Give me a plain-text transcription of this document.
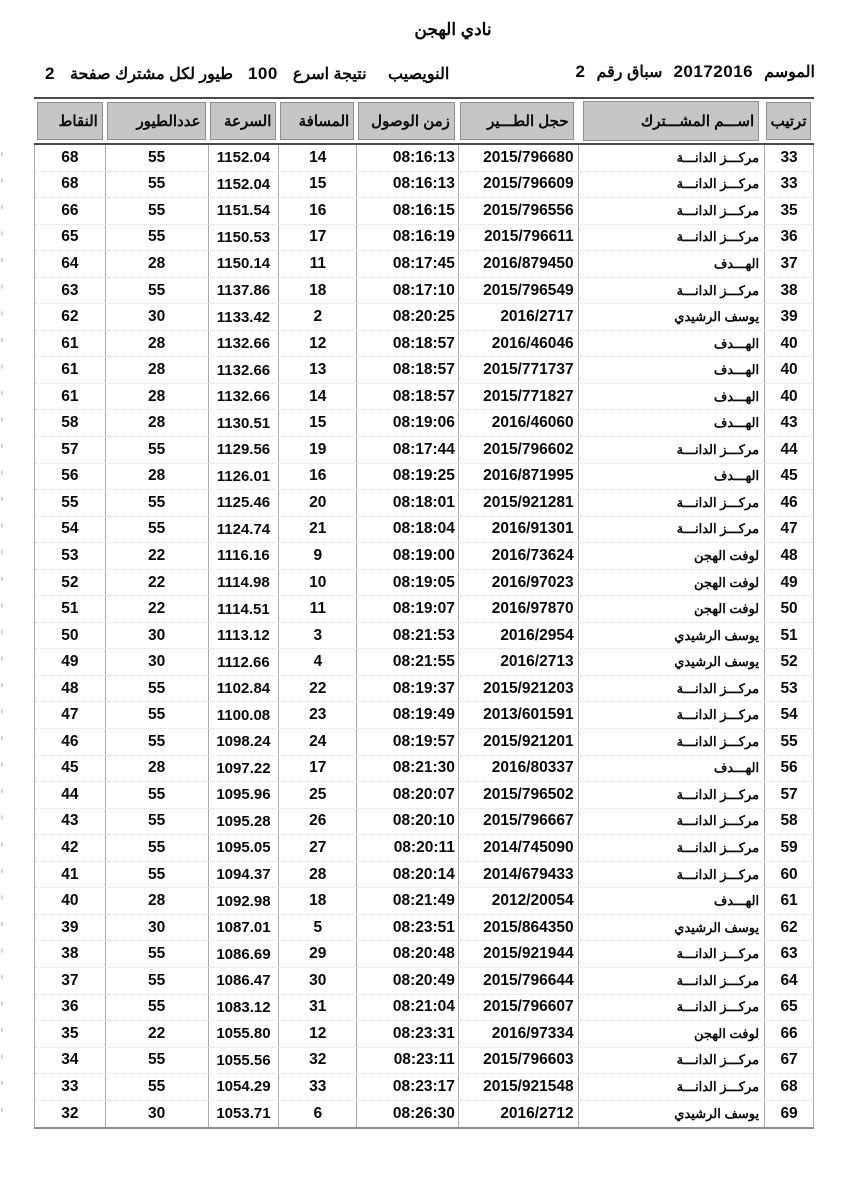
نادي الهجن
الموسم
20172016
سباق رقم
2
النويصيب
نتيجة اسرع
100
طيور لكل مشترك صفحة
2
ترتيب
اســـم المشـــترك
حجل الطـــير
زمن الوصول
المسافة
السرعة
عددالطيور
النقاط
33
مركـــز الدانـــة
2015/796680
08:16:13
14
1152.04
55
68
33
مركـــز الدانـــة
2015/796609
08:16:13
15
1152.04
55
68
35
مركـــز الدانـــة
2015/796556
08:16:15
16
1151.54
55
66
36
مركـــز الدانـــة
2015/796611
08:16:19
17
1150.53
55
65
37
الهـــدف
2016/879450
08:17:45
11
1150.14
28
64
38
مركـــز الدانـــة
2015/796549
08:17:10
18
1137.86
55
63
39
يوسف الرشيدي
2016/2717
08:20:25
2
1133.42
30
62
40
الهـــدف
2016/46046
08:18:57
12
1132.66
28
61
40
الهـــدف
2015/771737
08:18:57
13
1132.66
28
61
40
الهـــدف
2015/771827
08:18:57
14
1132.66
28
61
43
الهـــدف
2016/46060
08:19:06
15
1130.51
28
58
44
مركـــز الدانـــة
2015/796602
08:17:44
19
1129.56
55
57
45
الهـــدف
2016/871995
08:19:25
16
1126.01
28
56
46
مركـــز الدانـــة
2015/921281
08:18:01
20
1125.46
55
55
47
مركـــز الدانـــة
2016/91301
08:18:04
21
1124.74
55
54
48
لوفت الهجن
2016/73624
08:19:00
9
1116.16
22
53
49
لوفت الهجن
2016/97023
08:19:05
10
1114.98
22
52
50
لوفت الهجن
2016/97870
08:19:07
11
1114.51
22
51
51
يوسف الرشيدي
2016/2954
08:21:53
3
1113.12
30
50
52
يوسف الرشيدي
2016/2713
08:21:55
4
1112.66
30
49
53
مركـــز الدانـــة
2015/921203
08:19:37
22
1102.84
55
48
54
مركـــز الدانـــة
2013/601591
08:19:49
23
1100.08
55
47
55
مركـــز الدانـــة
2015/921201
08:19:57
24
1098.24
55
46
56
الهـــدف
2016/80337
08:21:30
17
1097.22
28
45
57
مركـــز الدانـــة
2015/796502
08:20:07
25
1095.96
55
44
58
مركـــز الدانـــة
2015/796667
08:20:10
26
1095.28
55
43
59
مركـــز الدانـــة
2014/745090
08:20:11
27
1095.05
55
42
60
مركـــز الدانـــة
2014/679433
08:20:14
28
1094.37
55
41
61
الهـــدف
2012/20054
08:21:49
18
1092.98
28
40
62
يوسف الرشيدي
2015/864350
08:23:51
5
1087.01
30
39
63
مركـــز الدانـــة
2015/921944
08:20:48
29
1086.69
55
38
64
مركـــز الدانـــة
2015/796644
08:20:49
30
1086.47
55
37
65
مركـــز الدانـــة
2015/796607
08:21:04
31
1083.12
55
36
66
لوفت الهجن
2016/97334
08:23:31
12
1055.80
22
35
67
مركـــز الدانـــة
2015/796603
08:23:11
32
1055.56
55
34
68
مركـــز الدانـــة
2015/921548
08:23:17
33
1054.29
55
33
69
يوسف الرشيدي
2016/2712
08:26:30
6
1053.71
30
32
